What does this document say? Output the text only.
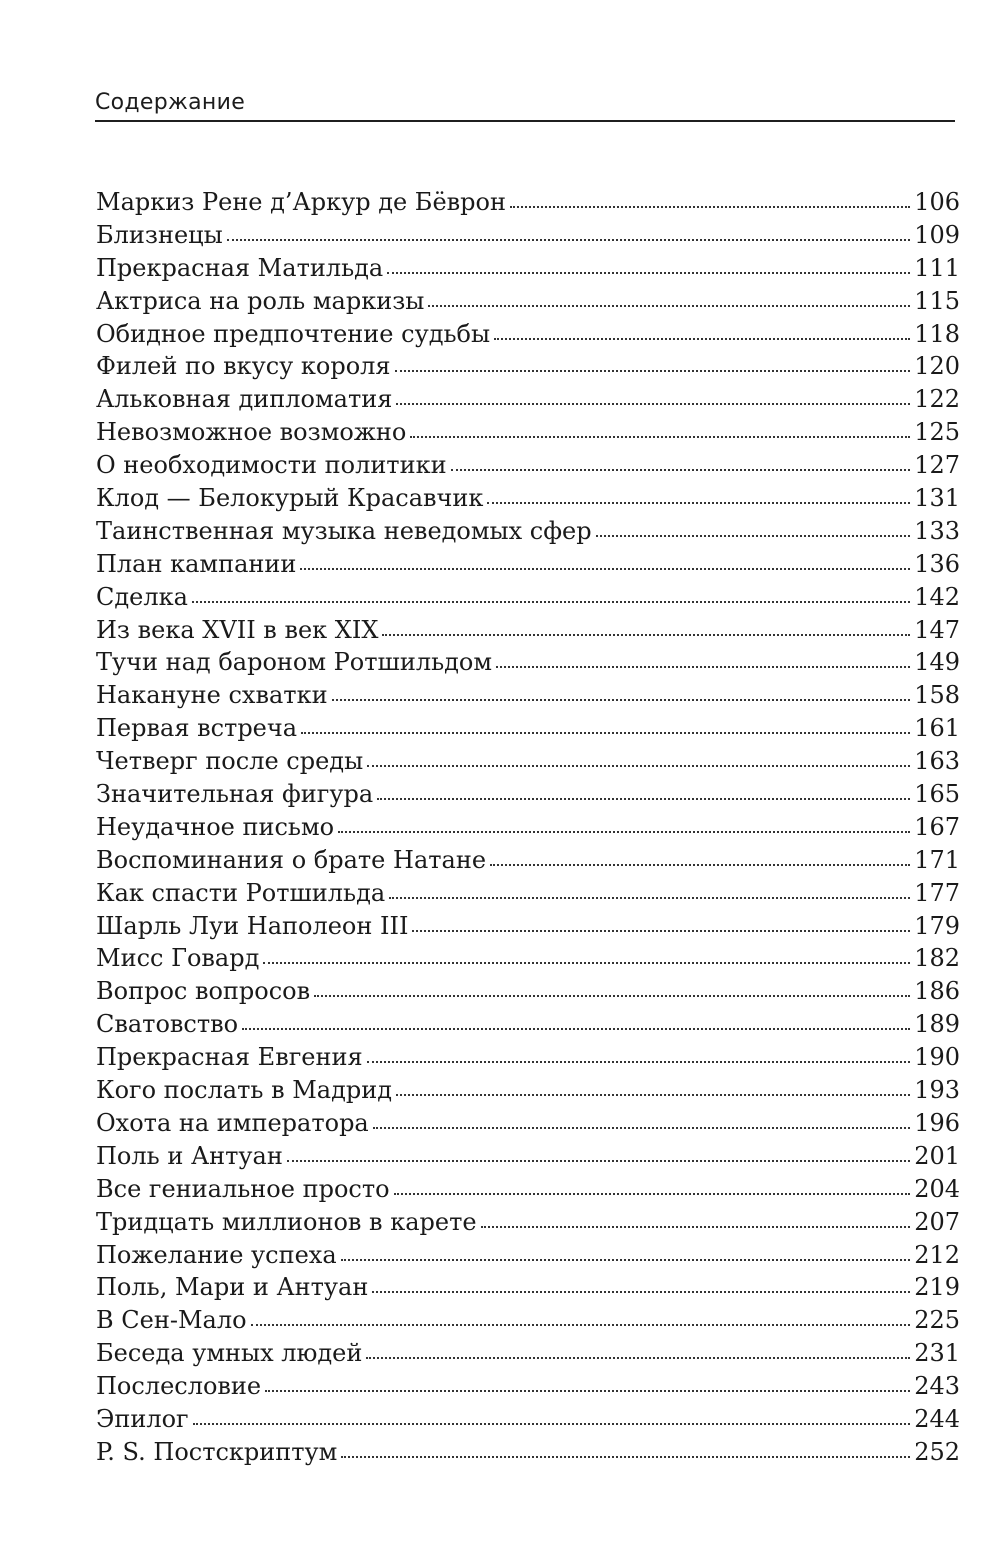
Содержание
Маркиз Рене д’Аркур де Бёврон	106
Близнецы	109
Прекрасная Матильда	111
Актриса на роль маркизы	115
Обидное предпочтение судьбы	118
Филей по вкусу короля	120
Альковная дипломатия	122
Невозможное возможно	125
О необходимости политики	127
Клод — Белокурый Красавчик	131
Таинственная музыка неведомых сфер	133
План кампании	136
Сделка	142
Из века XVII в век XIX	147
Тучи над бароном Ротшильдом	149
Накануне схватки	158
Первая встреча	161
Четверг после среды	163
Значительная фигура	165
Неудачное письмо	167
Воспоминания о брате Натане	171
Как спасти Ротшильда	177
Шарль Луи Наполеон III	179
Мисс Говард	182
Вопрос вопросов	186
Сватовство	189
Прекрасная Евгения	190
Кого послать в Мадрид	193
Охота на императора	196
Поль и Антуан	201
Все гениальное просто	204
Тридцать миллионов в карете	207
Пожелание успеха	212
Поль, Мари и Антуан	219
В Сен-Мало	225
Беседа умных людей	231
Послесловие	243
Эпилог	244
P. S. Постскриптум	252
